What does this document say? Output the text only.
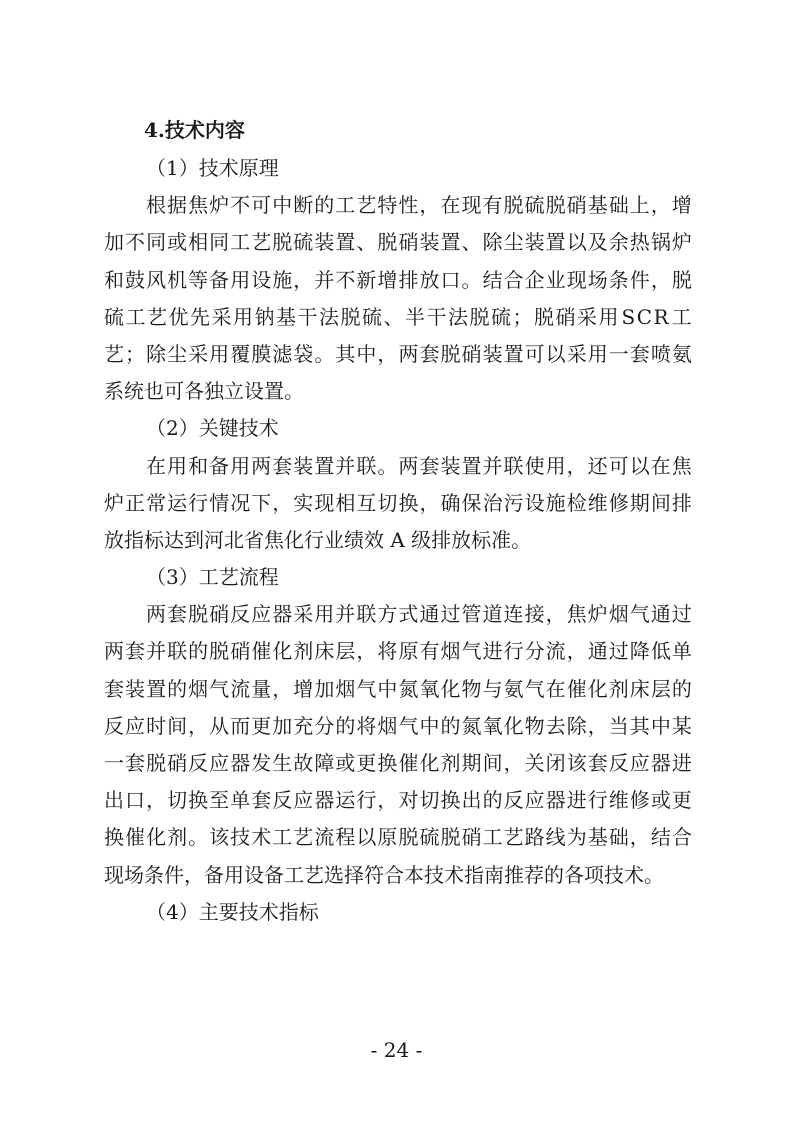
4.技术内容
（1）技术原理
根 据 焦 炉 不 可 中 断 的 工 艺 特 性 ， 在 现 有 脱 硫 脱 硝 基 础 上 ， 增
加 不 同 或 相 同 工 艺 脱 硫 装 置 、 脱 硝 装 置 、 除 尘 装 置 以 及 余 热 锅 炉
和 鼓 风 机 等 备 用 设 施 ， 并 不 新 增 排 放 口 。 结 合 企 业 现 场 条 件 ， 脱
硫 工 艺 优 先 采 用 钠 基 干 法 脱 硫 、 半 干 法 脱 硫 ； 脱 硝 采 用 S C R 工
艺 ； 除 尘 采 用 覆 膜 滤 袋 。 其 中 ， 两 套 脱 硝 装 置 可 以 采 用 一 套 喷 氨
系统也可各独立设置。
（2）关键技术
在 用 和 备 用 两 套 装 置 并 联 。 两 套 装 置 并 联 使 用 ， 还 可 以 在 焦
炉 正 常 运 行 情 况 下 ， 实 现 相 互 切 换 ， 确 保 治 污 设 施 检 维 修 期 间 排
放指标达到河北省焦化行业绩效 A 级排放标准。
（3）工艺流程
两 套 脱 硝 反 应 器 采 用 并 联 方 式 通 过 管 道 连 接 ， 焦 炉 烟 气 通 过
两 套 并 联 的 脱 硝 催 化 剂 床 层 ， 将 原 有 烟 气 进 行 分 流 ， 通 过 降 低 单
套 装 置 的 烟 气 流 量 ， 增 加 烟 气 中 氮 氧 化 物 与 氨 气 在 催 化 剂 床 层 的
反 应 时 间 ， 从 而 更 加 充 分 的 将 烟 气 中 的 氮 氧 化 物 去 除 ， 当 其 中 某
一 套 脱 硝 反 应 器 发 生 故 障 或 更 换 催 化 剂 期 间 ， 关 闭 该 套 反 应 器 进
出 口 ， 切 换 至 单 套 反 应 器 运 行 ， 对 切 换 出 的 反 应 器 进 行 维 修 或 更
换 催 化 剂 。 该 技 术 工 艺 流 程 以 原 脱 硫 脱 硝 工 艺 路 线 为 基 础 ， 结 合
现场条件，备用设备工艺选择符合本技术指南推荐的各项技术。
（4）主要技术指标
- 24 -
